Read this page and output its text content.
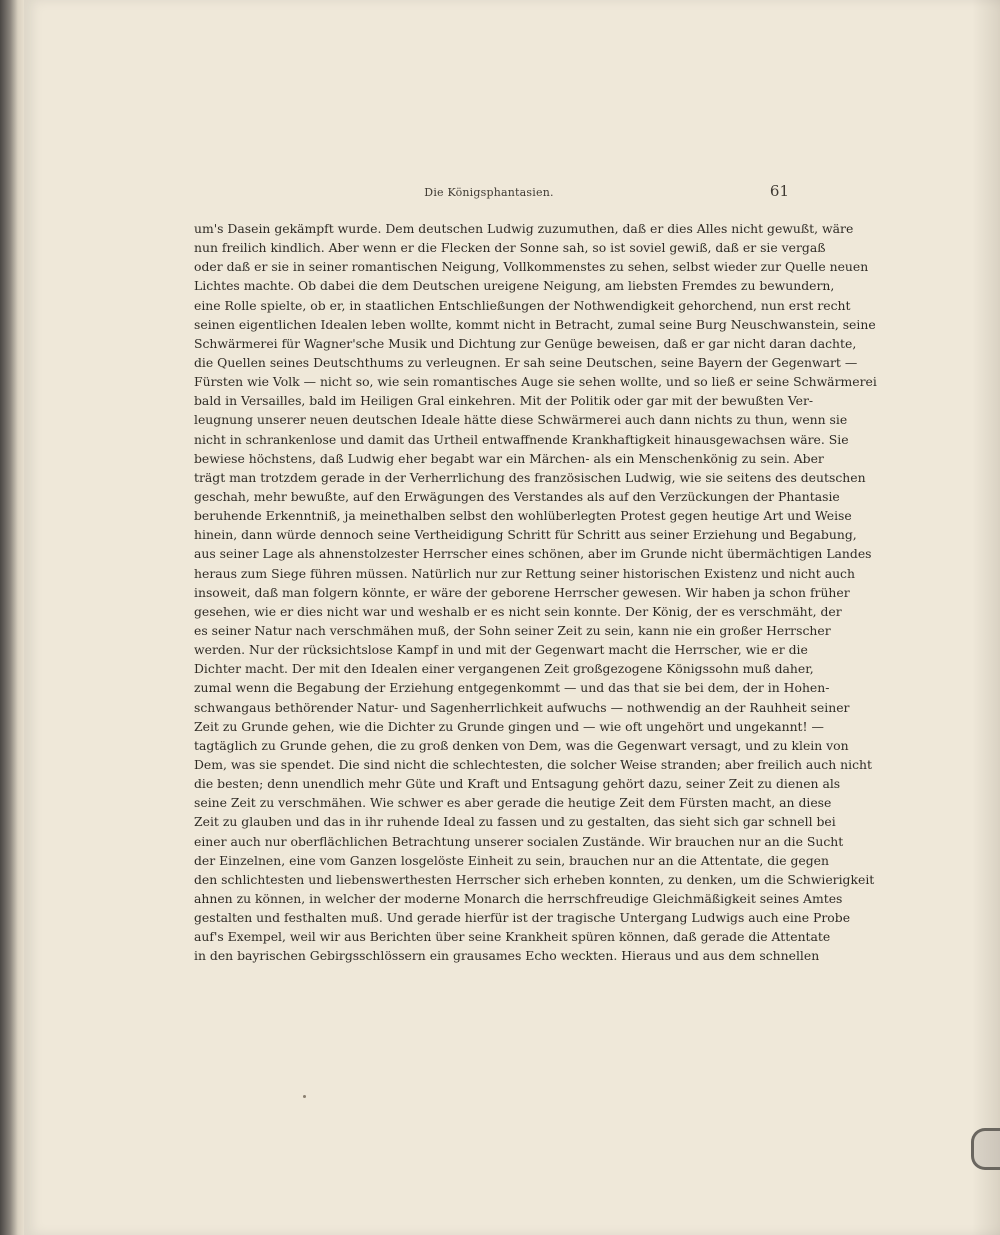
Die Königsphantasien.	61
um's Dasein gekämpft wurde. Dem deutschen Ludwig zuzumuthen, daß er dies Alles nicht gewußt, wäre
nun freilich kindlich. Aber wenn er die Flecken der Sonne sah, so ist soviel gewiß, daß er sie vergaß
oder daß er sie in seiner romantischen Neigung, Vollkommenstes zu sehen, selbst wieder zur Quelle neuen
Lichtes machte. Ob dabei die dem Deutschen ureigene Neigung, am liebsten Fremdes zu bewundern,
eine Rolle spielte, ob er, in staatlichen Entschließungen der Nothwendigkeit gehorchend, nun erst recht
seinen eigentlichen Idealen leben wollte, kommt nicht in Betracht, zumal seine Burg Neuschwanstein, seine
Schwärmerei für Wagner'sche Musik und Dichtung zur Genüge beweisen, daß er gar nicht daran dachte,
die Quellen seines Deutschthums zu verleugnen. Er sah seine Deutschen, seine Bayern der Gegenwart —
Fürsten wie Volk — nicht so, wie sein romantisches Auge sie sehen wollte, und so ließ er seine Schwärmerei
bald in Versailles, bald im Heiligen Gral einkehren. Mit der Politik oder gar mit der bewußten Ver-
leugnung unserer neuen deutschen Ideale hätte diese Schwärmerei auch dann nichts zu thun, wenn sie
nicht in schrankenlose und damit das Urtheil entwaffnende Krankhaftigkeit hinausgewachsen wäre. Sie
bewiese höchstens, daß Ludwig eher begabt war ein Märchen- als ein Menschenkönig zu sein. Aber
trägt man trotzdem gerade in der Verherrlichung des französischen Ludwig, wie sie seitens des deutschen
geschah, mehr bewußte, auf den Erwägungen des Verstandes als auf den Verzückungen der Phantasie
beruhende Erkenntniß, ja meinethalben selbst den wohlüberlegten Protest gegen heutige Art und Weise
hinein, dann würde dennoch seine Vertheidigung Schritt für Schritt aus seiner Erziehung und Begabung,
aus seiner Lage als ahnenstolzester Herrscher eines schönen, aber im Grunde nicht übermächtigen Landes
heraus zum Siege führen müssen. Natürlich nur zur Rettung seiner historischen Existenz und nicht auch
insoweit, daß man folgern könnte, er wäre der geborene Herrscher gewesen. Wir haben ja schon früher
gesehen, wie er dies nicht war und weshalb er es nicht sein konnte. Der König, der es verschmäht, der
es seiner Natur nach verschmähen muß, der Sohn seiner Zeit zu sein, kann nie ein großer Herrscher
werden. Nur der rücksichtslose Kampf in und mit der Gegenwart macht die Herrscher, wie er die
Dichter macht. Der mit den Idealen einer vergangenen Zeit großgezogene Königssohn muß daher,
zumal wenn die Begabung der Erziehung entgegenkommt — und das that sie bei dem, der in Hohen-
schwangaus bethörender Natur- und Sagenherrlichkeit aufwuchs — nothwendig an der Rauhheit seiner
Zeit zu Grunde gehen, wie die Dichter zu Grunde gingen und — wie oft ungehört und ungekannt! —
tagtäglich zu Grunde gehen, die zu groß denken von Dem, was die Gegenwart versagt, und zu klein von
Dem, was sie spendet. Die sind nicht die schlechtesten, die solcher Weise stranden; aber freilich auch nicht
die besten; denn unendlich mehr Güte und Kraft und Entsagung gehört dazu, seiner Zeit zu dienen als
seine Zeit zu verschmähen. Wie schwer es aber gerade die heutige Zeit dem Fürsten macht, an diese
Zeit zu glauben und das in ihr ruhende Ideal zu fassen und zu gestalten, das sieht sich gar schnell bei
einer auch nur oberflächlichen Betrachtung unserer socialen Zustände. Wir brauchen nur an die Sucht
der Einzelnen, eine vom Ganzen losgelöste Einheit zu sein, brauchen nur an die Attentate, die gegen
den schlichtesten und liebenswerthesten Herrscher sich erheben konnten, zu denken, um die Schwierigkeit
ahnen zu können, in welcher der moderne Monarch die herrschfreudige Gleichmäßigkeit seines Amtes
gestalten und festhalten muß. Und gerade hierfür ist der tragische Untergang Ludwigs auch eine Probe
auf's Exempel, weil wir aus Berichten über seine Krankheit spüren können, daß gerade die Attentate
in den bayrischen Gebirgsschlössern ein grausames Echo weckten. Hieraus und aus dem schnellen
